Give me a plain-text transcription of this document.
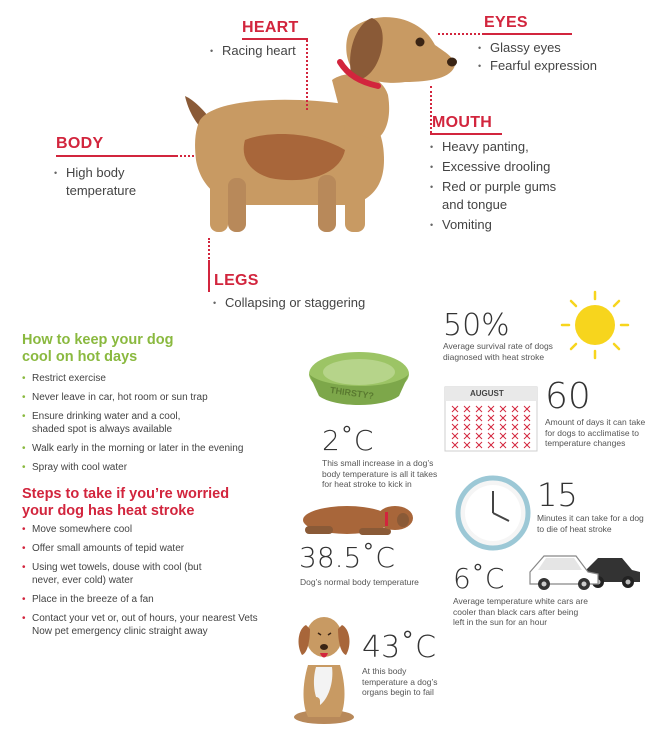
HEART
• Racing heart
EYES
• Glassy eyes
• Fearful expression
BODY
• High body temperature
MOUTH
• Heavy panting,
• Excessive drooling
• Red or purple gums and tongue
• Vomiting
LEGS
• Collapsing or staggering
How to keep your dog cool on hot days
• Restrict exercise
• Never leave in car, hot room or sun trap
• Ensure drinking water and a cool, shaded spot is always available
• Walk early in the morning or later in the evening
• Spray with cool water
Steps to take if you’re worried your dog has heat stroke
• Move somewhere cool
• Offer small amounts of tepid water
• Using wet towels, douse with cool (but never, ever cold) water
• Place in the breeze of a fan
• Contact your vet or, out of hours, your nearest Vets Now pet emergency clinic straight away
50%
Average survival rate of dogs diagnosed with heat stroke
THIRSTY?	AUGUST 60
Amount of days it can take for dogs to acclimatise to temperature changes
2˚C
This small increase in a dog’s body temperature is all it takes for heat stroke to kick in	15
Minutes it can take for a dog to die of heat stroke
38.5˚C
Dog’s normal body temperature	6˚C
Average temperature white cars are cooler than black cars after being left in the sun for an hour
43˚C
At this body temperature a dog’s organs begin to fail
